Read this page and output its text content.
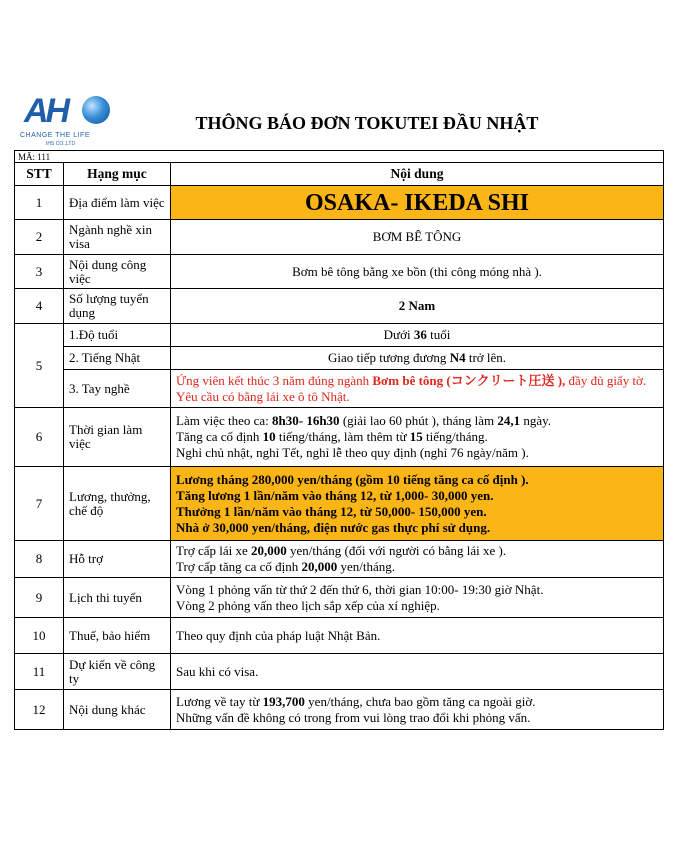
AH
CHANGE THE LIFE
IHS CO.,LTD
THÔNG BÁO ĐƠN TOKUTEI ĐẦU NHẬT
MÃ: 111		
STT	Hạng mục	Nội dung
1	Địa điểm làm việc	OSAKA- IKEDA SHI
2	Ngành nghề xin visa	BƠM BÊ TÔNG
3	Nội dung công việc	Bơm bê tông bằng xe bồn (thi công móng nhà ).
4	Số lượng tuyển dụng	2 Nam
5	1.Độ tuổi	Dưới 36 tuổi
	2. Tiếng Nhật	Giao tiếp tương đương N4 trở lên.
	3. Tay nghề	Ứng viên kết thúc 3 năm đúng ngành Bơm bê tông (コンクリート圧送 ), đầy đủ giấy tờ. Yêu cầu có bằng lái xe ô tô Nhật.
6	Thời gian làm việc	Làm việc theo ca: 8h30- 16h30 (giải lao 60 phút ), tháng làm 24,1 ngày.
Tăng ca cố định 10 tiếng/tháng, làm thêm từ 15 tiếng/tháng.
Nghỉ chủ nhật, nghỉ Tết, nghỉ lễ theo quy định (nghỉ 76 ngày/năm ).

7	Lương, thưởng, chế độ	Lương tháng 280,000 yen/tháng (gồm 10 tiếng tăng ca cố định ).
Tăng lương 1 lần/năm vào tháng 12, từ 1,000- 30,000 yen.
Thưởng 1 lần/năm vào tháng 12, từ 50,000- 150,000 yen.
Nhà ở 30,000 yen/tháng, điện nước gas thực phí sử dụng.

8	Hỗ trợ	Trợ cấp lái xe 20,000 yen/tháng (đối với người có bằng lái xe ).
Trợ cấp tăng ca cố định 20,000 yen/tháng.

9	Lịch thi tuyển	Vòng 1 phỏng vấn từ thứ 2 đến thứ 6, thời gian 10:00- 19:30 giờ Nhật.
Vòng 2 phỏng vấn theo lịch sắp xếp của xí nghiệp.

10	Thuế, bảo hiểm	Theo quy định của pháp luật Nhật Bản.
11	Dự kiến về công ty	Sau khi có visa.
12	Nội dung khác	Lương về tay từ 193,700 yen/tháng, chưa bao gồm tăng ca ngoài giờ.
Những vấn đề không có trong from vui lòng trao đổi khi phỏng vấn.
